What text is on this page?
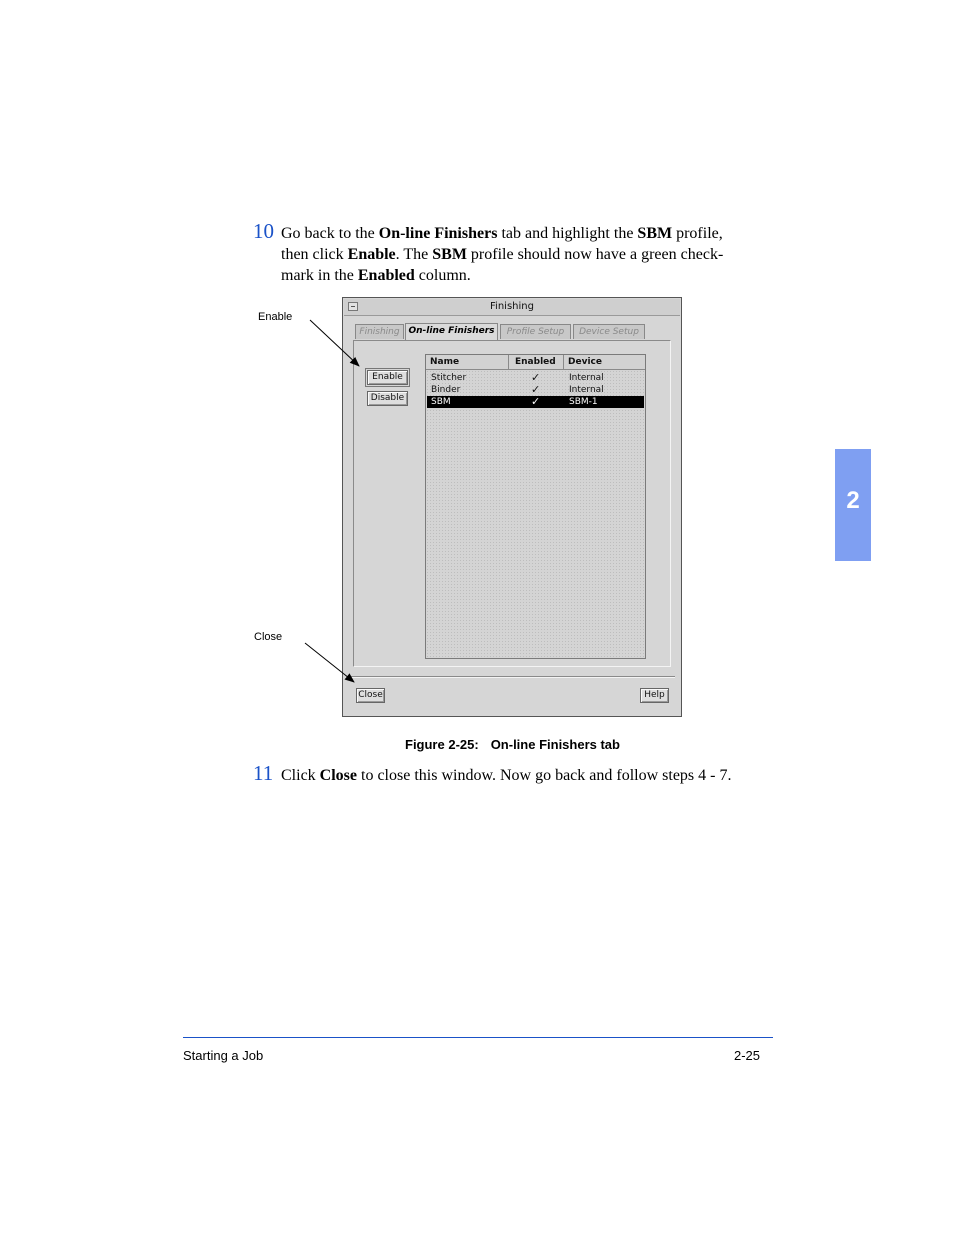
10 Go back to the On-line Finishers tab and highlight the SBM profile,
then click Enable. The SBM profile should now have a green check-
mark in the Enabled column.
Enable
Close
Finishing
Finishing On-line Finishers	Profile Setup	Device Setup
Enable
Disable
Name	Enabled	Device
Stitcher	✓	Internal
Binder	✓	Internal
SBM	✓	SBM-1
Close	Help
Figure 2-25: On-line Finishers tab
11 Click Close to close this window. Now go back and follow steps 4 - 7.
2
Starting a Job	2-25
